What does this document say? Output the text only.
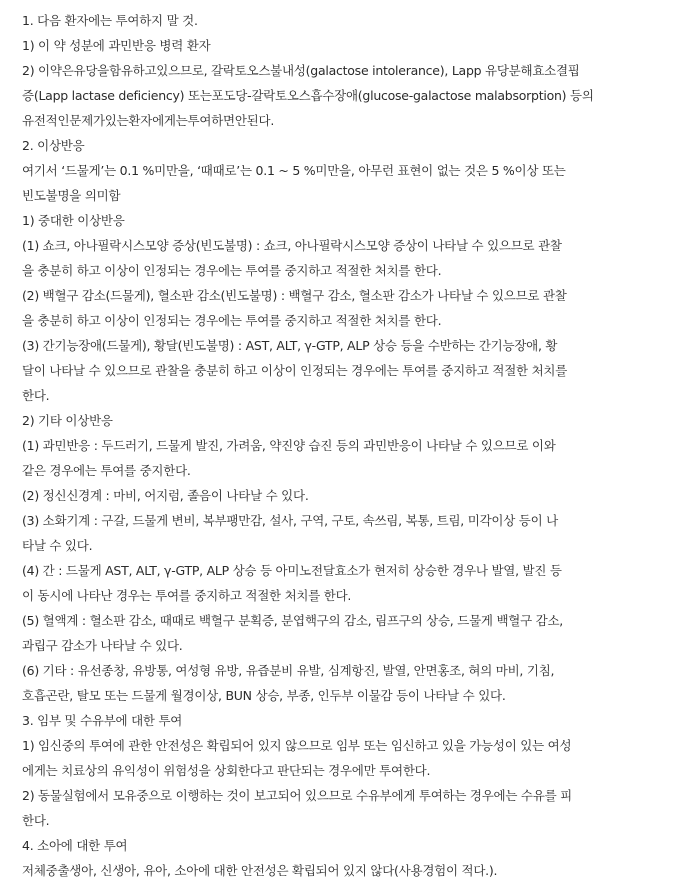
1. 다음 환자에는 투여하지 말 것.
1) 이 약 성분에 과민반응 병력 환자
2) 이약은유당을함유하고있으므로, 갈락토오스불내성(galactose intolerance), Lapp 유당분해효소결핍
증(Lapp lactase deficiency) 또는포도당-갈락토오스흡수장애(glucose-galactose malabsorption) 등의
유전적인문제가있는환자에게는투여하면안된다.
2. 이상반응
여기서 ‘드물게’는 0.1 %미만을, ‘때때로’는 0.1 ~ 5 %미만을, 아무런 표현이 없는 것은 5 %이상 또는
빈도불명을 의미함
1) 중대한 이상반응
(1) 쇼크, 아나필락시스모양 증상(빈도불명) : 쇼크, 아나필락시스모양 증상이 나타날 수 있으므로 관찰
을 충분히 하고 이상이 인정되는 경우에는 투여를 중지하고 적절한 처치를 한다.
(2) 백혈구 감소(드물게), 혈소판 감소(빈도불명) : 백혈구 감소, 혈소판 감소가 나타날 수 있으므로 관찰
을 충분히 하고 이상이 인정되는 경우에는 투여를 중지하고 적절한 처치를 한다.
(3) 간기능장애(드물게), 황달(빈도불명) : AST, ALT, γ-GTP, ALP 상승 등을 수반하는 간기능장애, 황
달이 나타날 수 있으므로 관찰을 충분히 하고 이상이 인정되는 경우에는 투여를 중지하고 적절한 처치를
한다.
2) 기타 이상반응
(1) 과민반응 : 두드러기, 드물게 발진, 가려움, 약진양 습진 등의 과민반응이 나타날 수 있으므로 이와
같은 경우에는 투여를 중지한다.
(2) 정신신경계 : 마비, 어지럼, 졸음이 나타날 수 있다.
(3) 소화기계 : 구갈, 드물게 변비, 복부팽만감, 설사, 구역, 구토, 속쓰림, 복통, 트림, 미각이상 등이 나
타날 수 있다.
(4) 간 : 드물게 AST, ALT, γ-GTP, ALP 상승 등 아미노전달효소가 현저히 상승한 경우나 발열, 발진 등
이 동시에 나타난 경우는 투여를 중지하고 적절한 처치를 한다.
(5) 혈액계 : 혈소판 감소, 때때로 백혈구 분획증, 분엽핵구의 감소, 림프구의 상승, 드물게 백혈구 감소,
과립구 감소가 나타날 수 있다.
(6) 기타 : 유선종창, 유방통, 여성형 유방, 유즙분비 유발, 심계항진, 발열, 안면홍조, 혀의 마비, 기침,
호흡곤란, 탈모 또는 드물게 월경이상, BUN 상승, 부종, 인두부 이물감 등이 나타날 수 있다.
3. 임부 및 수유부에 대한 투여
1) 임신중의 투여에 관한 안전성은 확립되어 있지 않으므로 임부 또는 임신하고 있을 가능성이 있는 여성
에게는 치료상의 유익성이 위험성을 상회한다고 판단되는 경우에만 투여한다.
2) 동물실험에서 모유중으로 이행하는 것이 보고되어 있으므로 수유부에게 투여하는 경우에는 수유를 피
한다.
4. 소아에 대한 투여
저체중출생아, 신생아, 유아, 소아에 대한 안전성은 확립되어 있지 않다(사용경험이 적다.).
